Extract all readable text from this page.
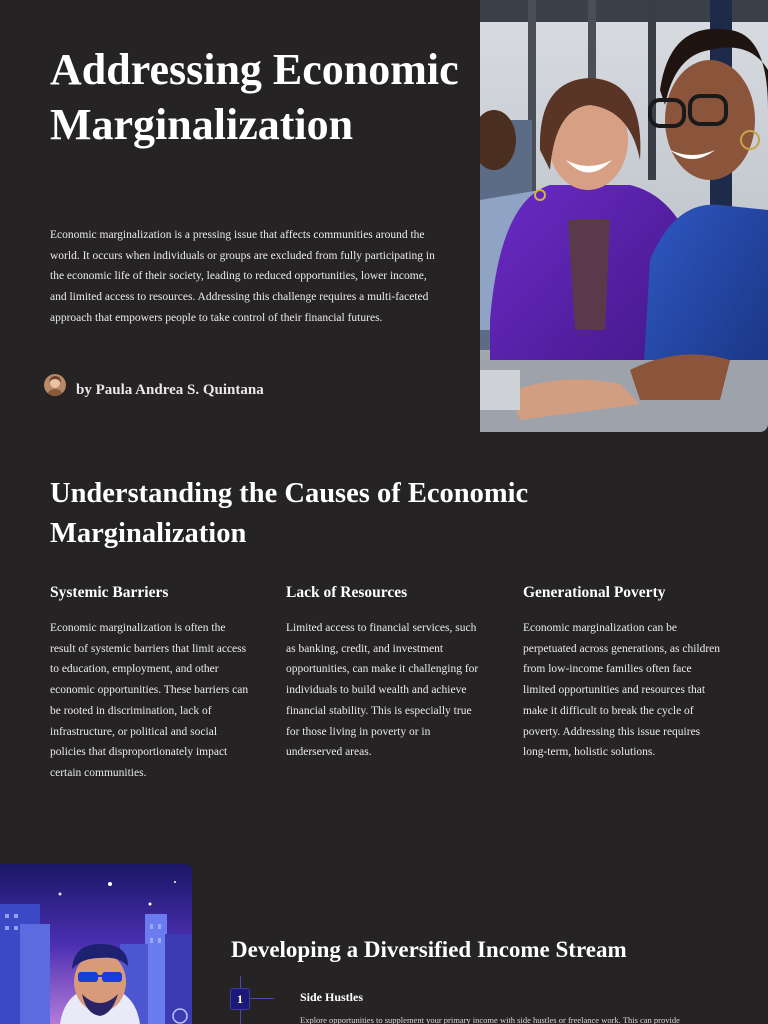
Addressing Economic Marginalization

Economic marginalization is a pressing issue that affects communities around the world. It occurs when individuals or groups are excluded from fully participating in the economic life of their society, leading to reduced opportunities, lower income, and limited access to resources. Addressing this challenge requires a multi-faceted approach that empowers people to take control of their financial futures.

by Paula Andrea S. Quintana
Understanding the Causes of Economic Marginalization
Systemic Barriers

Economic marginalization is often the result of systemic barriers that limit access to education, employment, and other economic opportunities. These barriers can be rooted in discrimination, lack of infrastructure, or political and social policies that disproportionately impact certain communities.

Lack of Resources

Limited access to financial services, such as banking, credit, and investment opportunities, can make it challenging for individuals to build wealth and achieve financial stability. This is especially true for those living in poverty or in underserved areas.

Generational Poverty

Economic marginalization can be perpetuated across generations, as children from low-income families often face limited opportunities and resources that make it difficult to break the cycle of poverty. Addressing this issue requires long-term, holistic solutions.

Developing a Diversified Income Stream
1	Side Hustles

Explore opportunities to supplement your primary income with side hustles or freelance work. This can provide
